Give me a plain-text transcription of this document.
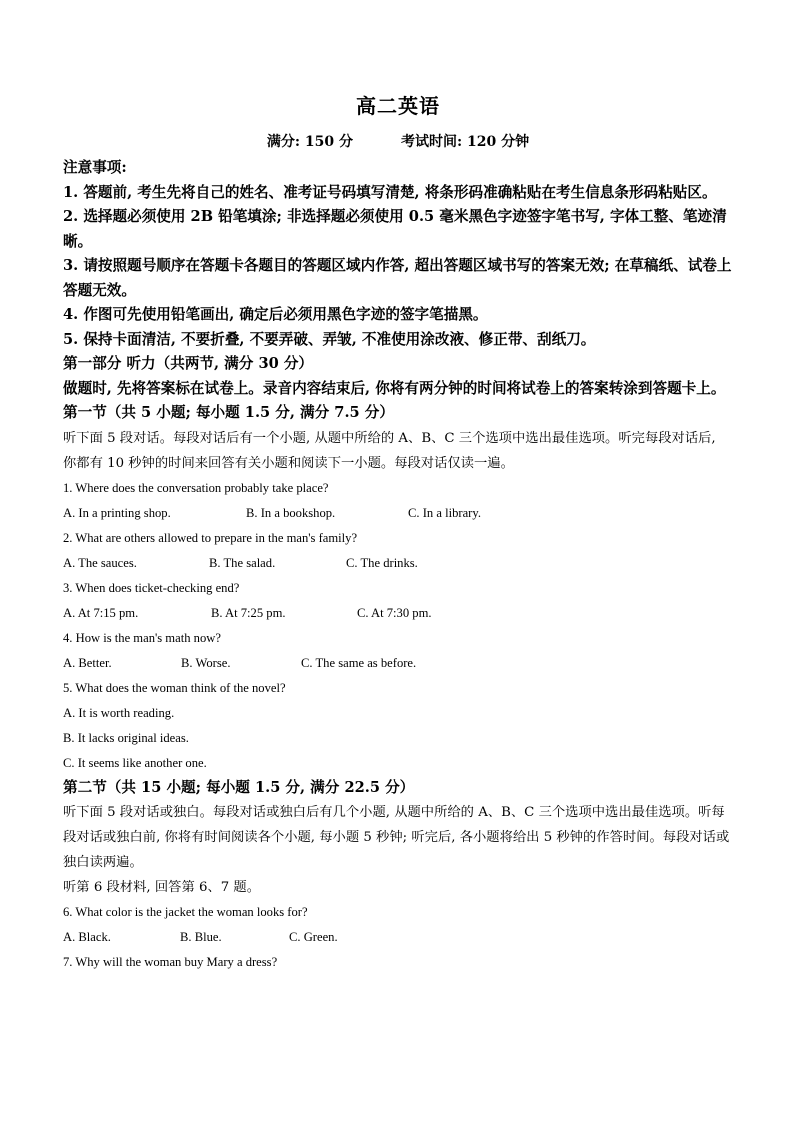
高二英语
满分: 150 分	考试时间: 120 分钟

注意事项:

1. 答题前, 考生先将自己的姓名、准考证号码填写清楚, 将条形码准确粘贴在考生信息条形码粘贴区。

2. 选择题必须使用 2B 铅笔填涂; 非选择题必须使用 0.5 毫米黑色字迹签字笔书写, 字体工整、笔迹清晰。

3. 请按照题号顺序在答题卡各题目的答题区域内作答, 超出答题区域书写的答案无效; 在草稿纸、试卷上答题无效。

4. 作图可先使用铅笔画出, 确定后必须用黑色字迹的签字笔描黑。

5. 保持卡面清洁, 不要折叠, 不要弄破、弄皱, 不准使用涂改液、修正带、刮纸刀。

第一部分 听力（共两节, 满分 30 分）

做题时, 先将答案标在试卷上。录音内容结束后, 你将有两分钟的时间将试卷上的答案转涂到答题卡上。

第一节（共 5 小题; 每小题 1.5 分, 满分 7.5 分）

听下面 5 段对话。每段对话后有一个小题, 从题中所给的 A、B、C 三个选项中选出最佳选项。听完每段对话后, 你都有 10 秒钟的时间来回答有关小题和阅读下一小题。每段对话仅读一遍。

1. Where does the conversation probably take place?

A. In a printing shop.	B. In a bookshop.	C. In a library.

2. What are others allowed to prepare in the man's family?

A. The sauces.	B. The salad.	C. The drinks.

3. When does ticket-checking end?

A. At 7:15 pm.	B. At 7:25 pm.	C. At 7:30 pm.

4. How is the man's math now?

A. Better.	B. Worse.	C. The same as before.

5. What does the woman think of the novel?

A. It is worth reading.

B. It lacks original ideas.

C. It seems like another one.

第二节（共 15 小题; 每小题 1.5 分, 满分 22.5 分）

听下面 5 段对话或独白。每段对话或独白后有几个小题, 从题中所给的 A、B、C 三个选项中选出最佳选项。听每段对话或独白前, 你将有时间阅读各个小题, 每小题 5 秒钟; 听完后, 各小题将给出 5 秒钟的作答时间。每段对话或独白读两遍。

听第 6 段材料, 回答第 6、7 题。

6. What color is the jacket the woman looks for?

A. Black.	B. Blue.	C. Green.

7. Why will the woman buy Mary a dress?
